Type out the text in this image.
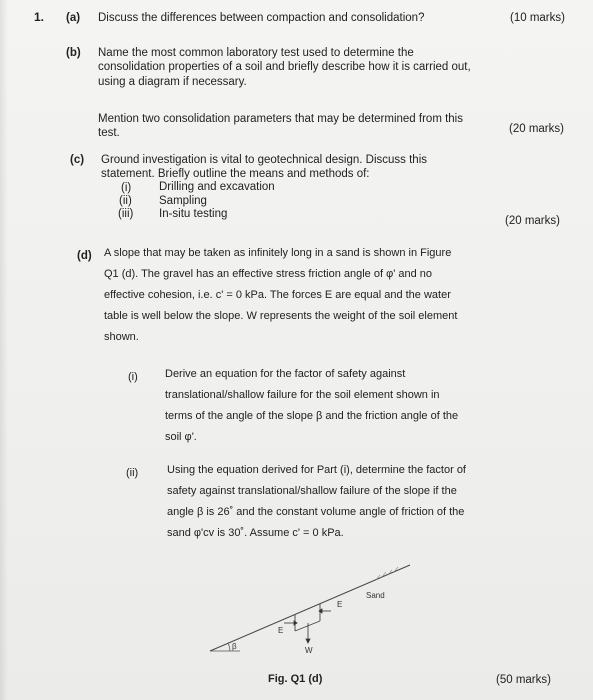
1. (a) Discuss the differences between compaction and consolidation?	(10 marks)
(b) Name the most common laboratory test used to determine the
consolidation properties of a soil and briefly describe how it is carried out,
using a diagram if necessary.
Mention two consolidation parameters that may be determined from this
test.	(20 marks)
(c) Ground investigation is vital to geotechnical design. Discuss this
statement. Briefly outline the means and methods of:
(i) Drilling and excavation
(ii) Sampling
(iii) In-situ testing
(20 marks)
(d) A slope that may be taken as infinitely long in a sand is shown in Figure
Q1 (d). The gravel has an effective stress friction angle of φ' and no
effective cohesion, i.e. c' = 0 kPa. The forces E are equal and the water
table is well below the slope. W represents the weight of the soil element
shown.
(i) Derive an equation for the factor of safety against
translational/shallow failure for the soil element shown in
terms of the angle of the slope β and the friction angle of the
soil φ'.
(ii)	Using the equation derived for Part (i), determine the factor of
safety against translational/shallow failure of the slope if the
angle β is 26˚ and the constant volume angle of friction of the
sand φ'cv is 30˚. Assume c' = 0 kPa.
β
E
E
W
Sand
Fig. Q1 (d)	(50 marks)
